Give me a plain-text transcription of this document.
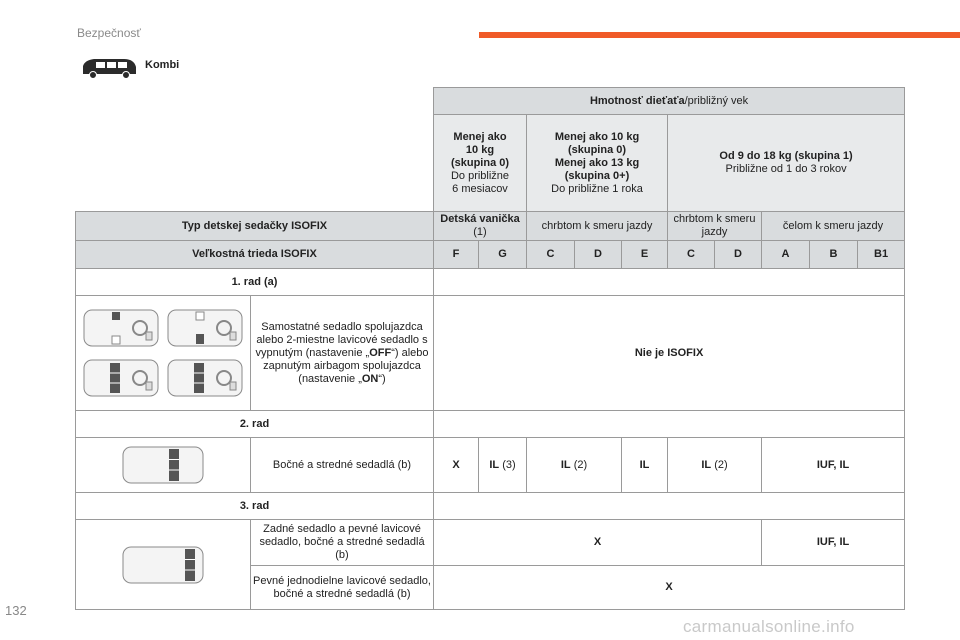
Bezpečnosť
Kombi
		Hmotnosť dieťaťa/približný vek									
		Menej ako
10 kg
(skupina 0)
Do približne
6 mesiacov		Menej ako 10 kg
(skupina 0)
Menej ako 13 kg
(skupina 0+)
Do približne 1 roka			Od 9 do 18 kg (skupina 1)
Približne od 1 do 3 rokov				
Typ detskej sedačky ISOFIX		Detská vanička (1)		chrbtom k smeru jazdy			chrbtom k smeru jazdy		čelom k smeru jazdy		
Veľkostná trieda ISOFIX		F	G	C	D	E	C	D	A	B	B1
1. rad (a)											

	Samostatné sedadlo spolujazdca alebo 2-miestne lavicové sedadlo s vypnutým (nastavenie „OFF“) alebo zapnutým airbagom spolujazdca (nastavenie „ON“)	Nie je ISOFIX									
2. rad											

	Bočné a stredné sedadlá (b)	X	IL (3)	IL (2)		IL	IL (2)		IUF, IL		
3. rad											

	Zadné sedadlo a pevné lavicové sedadlo, bočné a stredné sedadlá (b)	X							IUF, IL		
	Pevné jednodielne lavicové sedadlo, bočné a stredné sedadlá (b)	X									
132
carmanualsonline.info
